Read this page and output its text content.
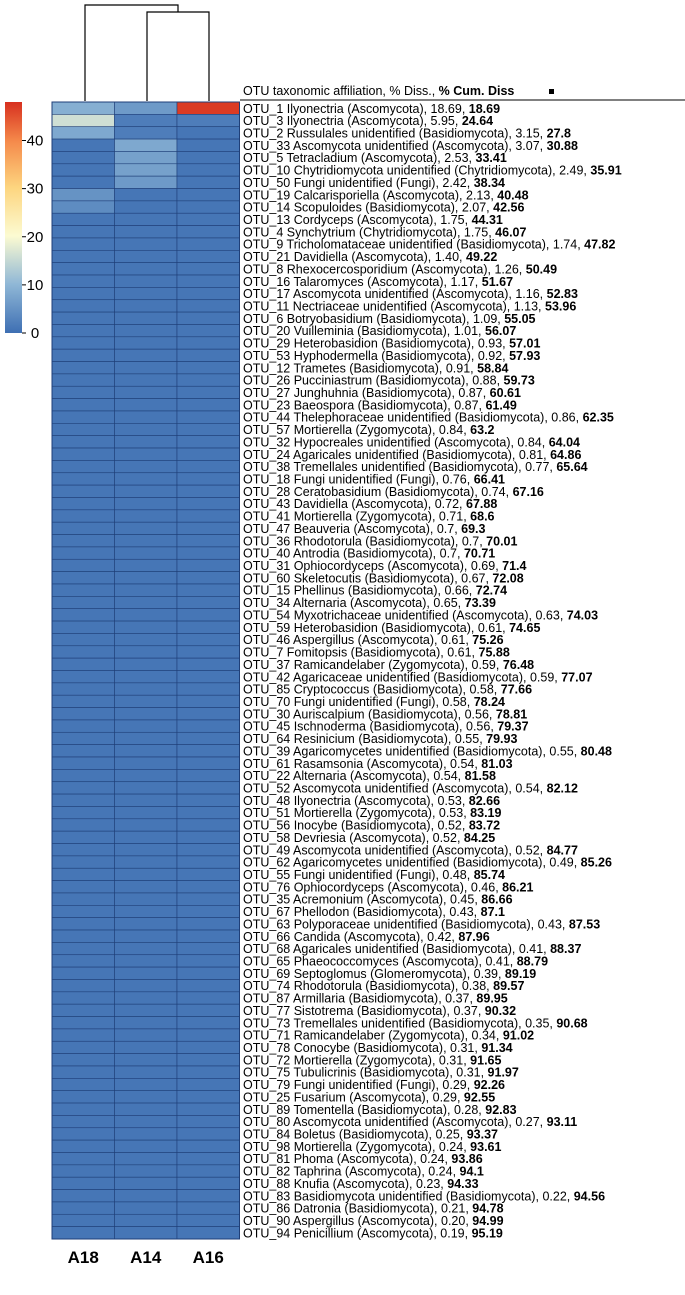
OTU taxonomic affiliation, % Diss., % Cum. Diss
0
10
20
30
40
OTU_1 Ilyonectria (Ascomycota), 18.69, 18.69
OTU_3 Ilyonectria (Ascomycota), 5.95, 24.64
OTU_2 Russulales unidentified (Basidiomycota), 3.15, 27.8
OTU_33 Ascomycota unidentified (Ascomycota), 3.07, 30.88
OTU_5 Tetracladium (Ascomycota), 2.53, 33.41
OTU_10 Chytridiomycota unidentified (Chytridiomycota), 2.49, 35.91
OTU_50 Fungi unidentified (Fungi), 2.42, 38.34
OTU_19 Calcarisporiella (Ascomycota), 2.13, 40.48
OTU_14 Scopuloides (Basidiomycota), 2.07, 42.56
OTU_13 Cordyceps (Ascomycota), 1.75, 44.31
OTU_4 Synchytrium (Chytridiomycota), 1.75, 46.07
OTU_9 Tricholomataceae unidentified (Basidiomycota), 1.74, 47.82
OTU_21 Davidiella (Ascomycota), 1.40, 49.22
OTU_8 Rhexocercosporidium (Ascomycota), 1.26, 50.49
OTU_16 Talaromyces (Ascomycota), 1.17, 51.67
OTU_17 Ascomycota unidentified (Ascomycota), 1.16, 52.83
OTU_11 Nectriaceae unidentified (Ascomycota), 1.13, 53.96
OTU_6 Botryobasidium (Basidiomycota), 1.09, 55.05
OTU_20 Vuilleminia (Basidiomycota), 1.01, 56.07
OTU_29 Heterobasidion (Basidiomycota), 0.93, 57.01
OTU_53 Hyphodermella (Basidiomycota), 0.92, 57.93
OTU_12 Trametes (Basidiomycota), 0.91, 58.84
OTU_26 Pucciniastrum (Basidiomycota), 0.88, 59.73
OTU_27 Junghuhnia (Basidiomycota), 0.87, 60.61
OTU_23 Baeospora (Basidiomycota), 0.87, 61.49
OTU_44 Thelephoraceae unidentified (Basidiomycota), 0.86, 62.35
OTU_57 Mortierella (Zygomycota), 0.84, 63.2
OTU_32 Hypocreales unidentified (Ascomycota), 0.84, 64.04
OTU_24 Agaricales unidentified (Basidiomycota), 0.81, 64.86
OTU_38 Tremellales unidentified (Basidiomycota), 0.77, 65.64
OTU_18 Fungi unidentified (Fungi), 0.76, 66.41
OTU_28 Ceratobasidium (Basidiomycota), 0.74, 67.16
OTU_43 Davidiella (Ascomycota), 0.72, 67.88
OTU_41 Mortierella (Zygomycota), 0.71, 68.6
OTU_47 Beauveria (Ascomycota), 0.7, 69.3
OTU_36 Rhodotorula (Basidiomycota), 0.7, 70.01
OTU_40 Antrodia (Basidiomycota), 0.7, 70.71
OTU_31 Ophiocordyceps (Ascomycota), 0.69, 71.4
OTU_60 Skeletocutis (Basidiomycota), 0.67, 72.08
OTU_15 Phellinus (Basidiomycota), 0.66, 72.74
OTU_34 Alternaria (Ascomycota), 0.65, 73.39
OTU_54 Myxotrichaceae unidentified (Ascomycota), 0.63, 74.03
OTU_59 Heterobasidion (Basidiomycota), 0.61, 74.65
OTU_46 Aspergillus (Ascomycota), 0.61, 75.26
OTU_7 Fomitopsis (Basidiomycota), 0.61, 75.88
OTU_37 Ramicandelaber (Zygomycota), 0.59, 76.48
OTU_42 Agaricaceae unidentified (Basidiomycota), 0.59, 77.07
OTU_85 Cryptococcus (Basidiomycota), 0.58, 77.66
OTU_70 Fungi unidentified (Fungi), 0.58, 78.24
OTU_30 Auriscalpium (Basidiomycota), 0.56, 78.81
OTU_45 Ischnoderma (Basidiomycota), 0.56, 79.37
OTU_64 Resinicium (Basidiomycota), 0.55, 79.93
OTU_39 Agaricomycetes unidentified (Basidiomycota), 0.55, 80.48
OTU_61 Rasamsonia (Ascomycota), 0.54, 81.03
OTU_22 Alternaria (Ascomycota), 0.54, 81.58
OTU_52 Ascomycota unidentified (Ascomycota), 0.54, 82.12
OTU_48 Ilyonectria (Ascomycota), 0.53, 82.66
OTU_51 Mortierella (Zygomycota), 0.53, 83.19
OTU_56 Inocybe (Basidiomycota), 0.52, 83.72
OTU_58 Devriesia (Ascomycota), 0.52, 84.25
OTU_49 Ascomycota unidentified (Ascomycota), 0.52, 84.77
OTU_62 Agaricomycetes unidentified (Basidiomycota), 0.49, 85.26
OTU_55 Fungi unidentified (Fungi), 0.48, 85.74
OTU_76 Ophiocordyceps (Ascomycota), 0.46, 86.21
OTU_35 Acremonium (Ascomycota), 0.45, 86.66
OTU_67 Phellodon (Basidiomycota), 0.43, 87.1
OTU_63 Polyporaceae unidentified (Basidiomycota), 0.43, 87.53
OTU_66 Candida (Ascomycota), 0.42, 87.96
OTU_68 Agaricales unidentified (Basidiomycota), 0.41, 88.37
OTU_65 Phaeococcomyces (Ascomycota), 0.41, 88.79
OTU_69 Septoglomus (Glomeromycota), 0.39, 89.19
OTU_74 Rhodotorula (Basidiomycota), 0.38, 89.57
OTU_87 Armillaria (Basidiomycota), 0.37, 89.95
OTU_77 Sistotrema (Basidiomycota), 0.37, 90.32
OTU_73 Tremellales unidentified (Basidiomycota), 0.35, 90.68
OTU_71 Ramicandelaber (Zygomycota), 0.34, 91.02
OTU_78 Conocybe (Basidiomycota), 0.31, 91.34
OTU_72 Mortierella (Zygomycota), 0.31, 91.65
OTU_75 Tubulicrinis (Basidiomycota), 0.31, 91.97
OTU_79 Fungi unidentified (Fungi), 0.29, 92.26
OTU_25 Fusarium (Ascomycota), 0.29, 92.55
OTU_89 Tomentella (Basidiomycota), 0.28, 92.83
OTU_80 Ascomycota unidentified (Ascomycota), 0.27, 93.11
OTU_84 Boletus (Basidiomycota), 0.25, 93.37
OTU_98 Mortierella (Zygomycota), 0.24, 93.61
OTU_81 Phoma (Ascomycota), 0.24, 93.86
OTU_82 Taphrina (Ascomycota), 0.24, 94.1
OTU_88 Knufia (Ascomycota), 0.23, 94.33
OTU_83 Basidiomycota unidentified (Basidiomycota), 0.22, 94.56
OTU_86 Datronia (Basidiomycota), 0.21, 94.78
OTU_90 Aspergillus (Ascomycota), 0.20, 94.99
OTU_94 Penicillium (Ascomycota), 0.19, 95.19
A18 A14 A16
